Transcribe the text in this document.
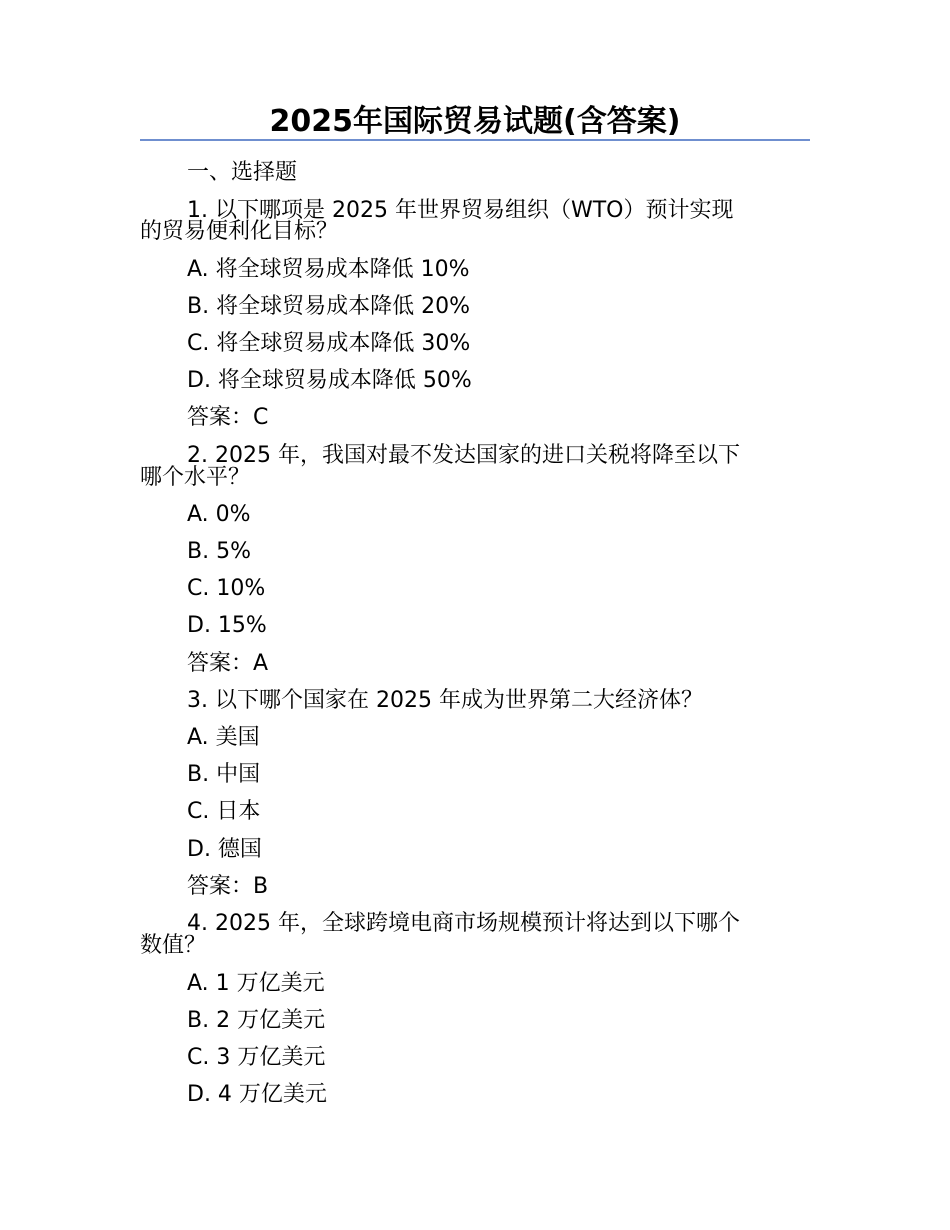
2025年国际贸易试题(含答案)
一、选择题
1. 以下哪项是 2025 年世界贸易组织（WTO）预计实现
的贸易便利化目标？
A. 将全球贸易成本降低 10%
B. 将全球贸易成本降低 20%
C. 将全球贸易成本降低 30%
D. 将全球贸易成本降低 50%
答案：C
2. 2025 年，我国对最不发达国家的进口关税将降至以下
哪个水平？
A. 0%
B. 5%
C. 10%
D. 15%
答案：A
3. 以下哪个国家在 2025 年成为世界第二大经济体？
A. 美国
B. 中国
C. 日本
D. 德国
答案：B
4. 2025 年，全球跨境电商市场规模预计将达到以下哪个
数值？
A. 1 万亿美元
B. 2 万亿美元
C. 3 万亿美元
D. 4 万亿美元
